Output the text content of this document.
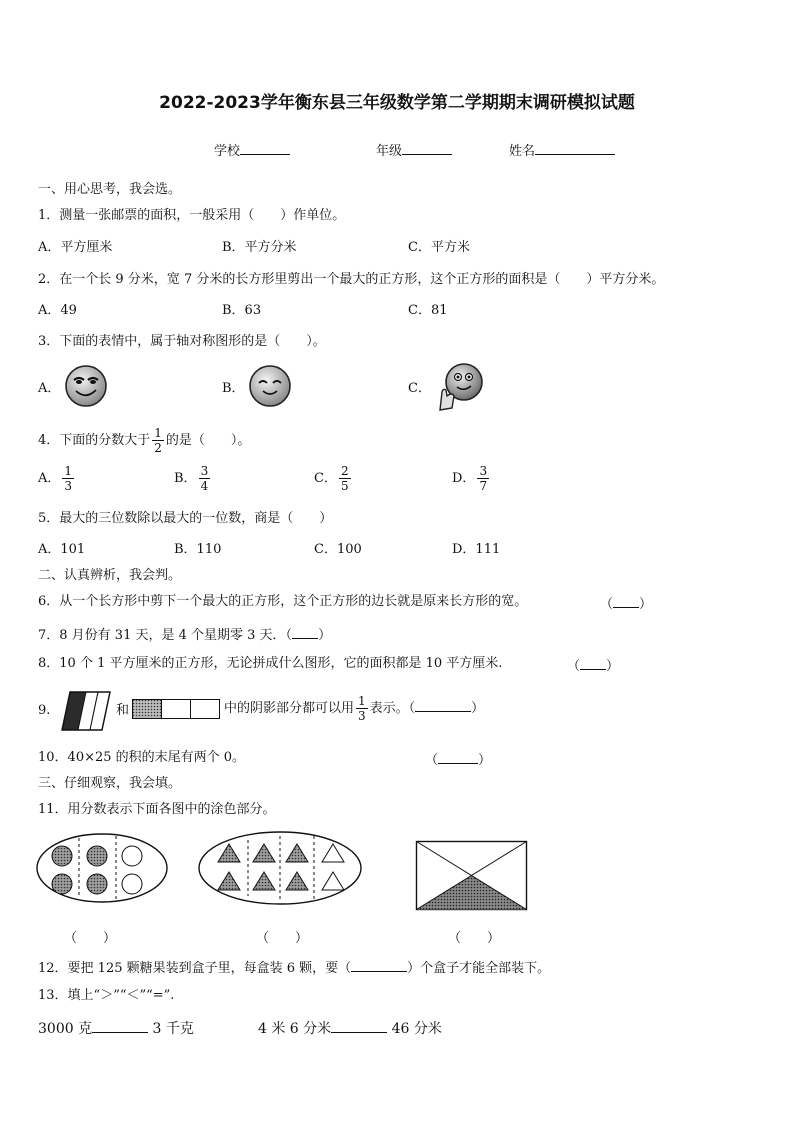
2022-2023学年衡东县三年级数学第二学期期末调研模拟试题
学校	年级	姓名
一、用心思考，我会选。
1．测量一张邮票的面积，一般采用（　　）作单位。
A．平方厘米	B．平方分米	C．平方米
2．在一个长 9 分米，宽 7 分米的长方形里剪出一个最大的正方形，这个正方形的面积是（　　）平方分米。
A．49	B．63	C．81
3．下面的表情中，属于轴对称图形的是（　　）。
A．	B．	C．
4．下面的分数大于 $\frac{1}{2}$ 的是（　　）。
A． $\frac{1}{3}$	B． $\frac{3}{4}$	C． $\frac{2}{5}$	D． $\frac{3}{7}$
5．最大的三位数除以最大的一位数，商是（　　）
A．101	B．110	C．100	D．111
二、认真辨析，我会判。
6．从一个长方形中剪下一个最大的正方形，这个正方形的边长就是原来长方形的宽。	（ ）
7．8 月份有 31 天，是 4 个星期零 3 天．（ ）
8．10 个 1 平方厘米的正方形，无论拼成什么图形，它的面积都是 10 平方厘米.	（ ）
9.	和	中的阴影部分都可以用 $\frac{1}{3}$ 表示。（	）
10．40×25 的积的末尾有两个 0。	（	）
三、仔细观察，我会填。
11．用分数表示下面各图中的涂色部分。
（　　）	（　　）	（　　）
12．要把 125 颗糖果装到盒子里，每盒装 6 颗，要（	）个盒子才能全部装下。
13．填上“＞”“＜”“=”.
3000 克	3 千克	4 米 6 分米	46 分米
